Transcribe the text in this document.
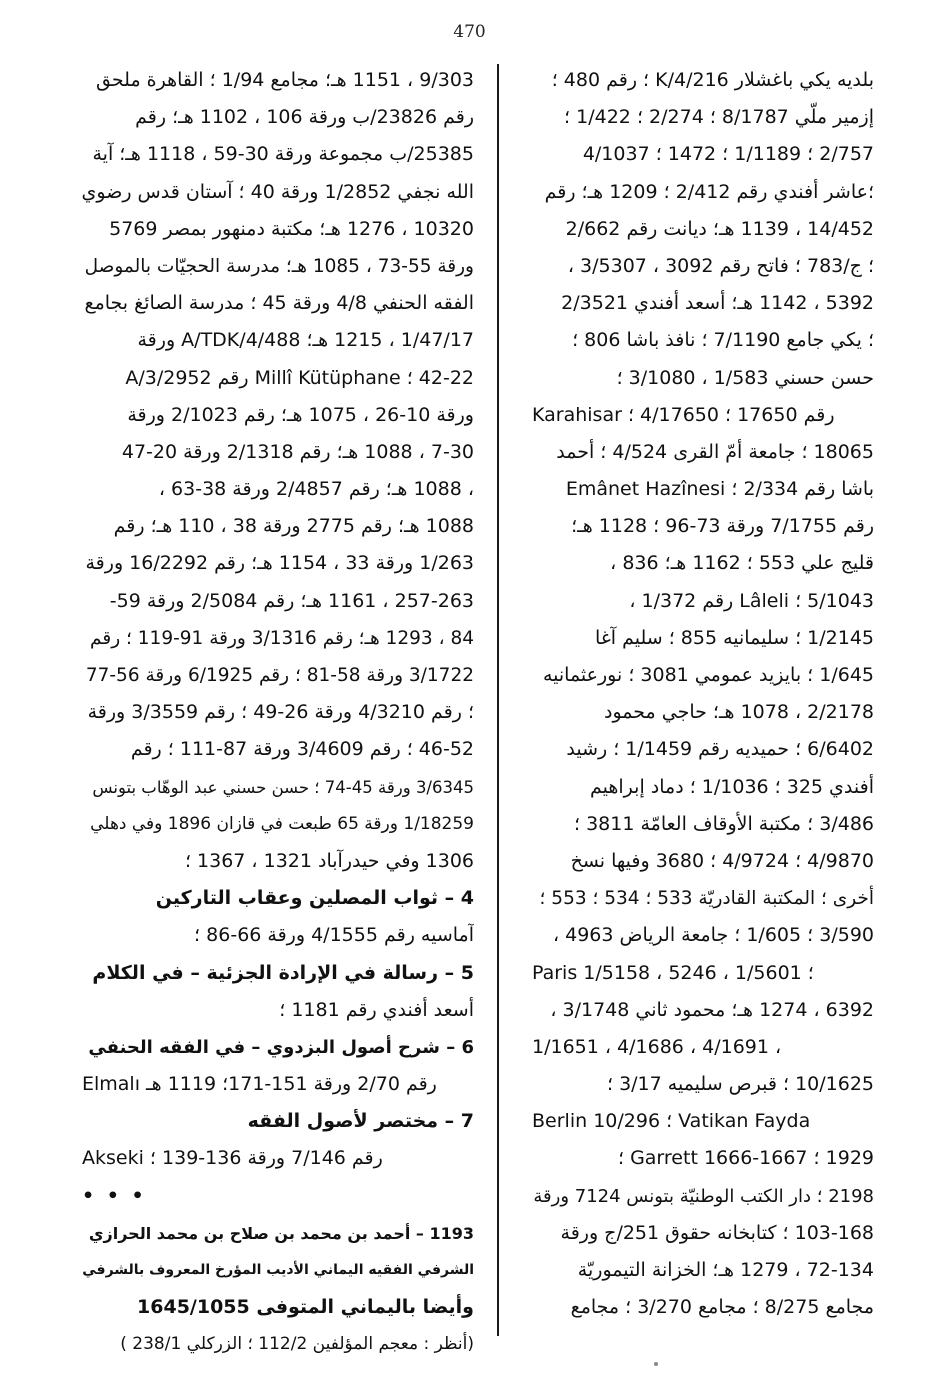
470
بلديه يكي باغشلار 4/216/K ؛ رقم 480 ؛
إزمير ملّي 8/1787 ؛ 2/274 ؛ 1/422 ؛
2/757 ؛ 1/1189 ؛ 1472 ؛ 4/1037
؛عاشر أفندي رقم 2/412 ؛ 1209 هـ؛ رقم
14/452 ، 1139 هـ؛ ديانت رقم 2/662
؛ ج/783 ؛ فاتح رقم 3092 ، 3/5307 ،
5392 ، 1142 هـ؛ أسعد أفندي 2/3521
؛ يكي جامع 7/1190 ؛ نافذ باشا 806 ؛
حسن حسني 1/583 ، 3/1080 ؛
Karahisar رقم 17650 ؛ 4/17650 ؛
18065 ؛ جامعة أمّ القرى 4/524 ؛ أحمد
باشا رقم 2/334 ؛ Emânet Hazînesi
رقم 7/1755 ورقة 73-96 ؛ 1128 هـ؛
قليج علي 553 ؛ 1162 هـ؛ 836 ،
5/1043 ؛ Lâleli رقم 1/372 ،
1/2145 ؛ سليمانيه 855 ؛ سليم آغا
1/645 ؛ بايزيد عمومي 3081 ؛ نورعثمانيه
2/2178 ، 1078 هـ؛ حاجي محمود
6/6402 ؛ حميديه رقم 1/1459 ؛ رشيد
أفندي 325 ؛ 1/1036 ؛ دماد إبراهيم
3/486 ؛ مكتبة الأوقاف العامّة 3811 ؛
4/9870 ؛ 4/9724 ؛ 3680 وفيها نسخ
أخرى ؛ المكتبة القادريّة 533 ؛ 534 ؛ 553 ؛
3/590 ؛ 1/605 ؛ جامعة الرياض 4963 ،
Paris ؛ 1/5601 ، 5246 ، 1/5158
6392 ، 1274 هـ؛ محمود ثاني 3/1748 ،
1/1651 ، 4/1686 ، 4/1691 ،
10/1625 ؛ قبرص سليميه 3/17 ؛
Berlin ؛ 10/296 Vatikan Fayda
1929 ؛ 1667-1666 Garrett ؛
2198 ؛ دار الكتب الوطنيّة بتونس 7124 ورقة
103-168 ؛ كتابخانه حقوق 251/ج ورقة
72-134 ، 1279 هـ؛ الخزانة التيموريّة
مجامع 8/275 ؛ مجامع 3/270 ؛ مجامع
9/303 ، 1151 هـ؛ مجامع 1/94 ؛ القاهرة ملحق
رقم 23826/ب ورقة 106 ، 1102 هـ؛ رقم
25385/ب مجموعة ورقة 30-59 ، 1118 هـ؛ آية
الله نجفي 1/2852 ورقة 40 ؛ آستان قدس رضوي
10320 ، 1276 هـ؛ مكتبة دمنهور بمصر 5769
ورقة 55-73 ، 1085 هـ؛ مدرسة الحجيّات بالموصل
الفقه الحنفي 4/8 ورقة 45 ؛ مدرسة الصائغ بجامع
1/47/17 ، 1215 هـ؛ 4/488/A/TDK ورقة
42-22 ؛ Millî Kütüphane رقم 3/2952/A
ورقة 10-26 ، 1075 هـ؛ رقم 2/1023 ورقة
7-30 ، 1088 هـ؛ رقم 2/1318 ورقة 20-47
، 1088 هـ؛ رقم 2/4857 ورقة 38-63 ،
1088 هـ؛ رقم 2775 ورقة 38 ، 110 هـ؛ رقم
1/263 ورقة 33 ، 1154 هـ؛ رقم 16/2292 ورقة
257-263 ، 1161 هـ؛ رقم 2/5084 ورقة 59-
84 ، 1293 هـ؛ رقم 3/1316 ورقة 91-119 ؛ رقم
3/1722 ورقة 58-81 ؛ رقم 6/1925 ورقة 56-77
؛ رقم 4/3210 ورقة 26-49 ؛ رقم 3/3559 ورقة
46-52 ؛ رقم 3/4609 ورقة 87-111 ؛ رقم
3/6345 ورقة 45-74 ؛ حسن حسني عبد الوهّاب بتونس
1/18259 ورقة 65 طبعت في قازان 1896 وفي دهلي
1306 وفي حيدرآباد 1321 ، 1367 ؛
4 – ثواب المصلين وعقاب التاركين
آماسيه رقم 4/1555 ورقة 66-86 ؛
5 – رسالة في الإرادة الجزئية – في الكلام
أسعد أفندي رقم 1181 ؛
6 – شرح أصول البزدوي – في الفقه الحنفي
Elmalı رقم 2/70 ورقة 151-171؛ 1119 هـ
7 – مختصر لأصول الفقه
Akseki رقم 7/146 ورقة 136-139 ؛
• • •
1193 – أحمد بن محمد بن صلاح بن محمد الحرازي
الشرفي الفقيه اليماني الأديب المؤرخ المعروف بالشرفي
وأيضا باليماني المتوفى 1645/1055
(أنظر : معجم المؤلفين 112/2 ؛ الزركلي 238/1 )
